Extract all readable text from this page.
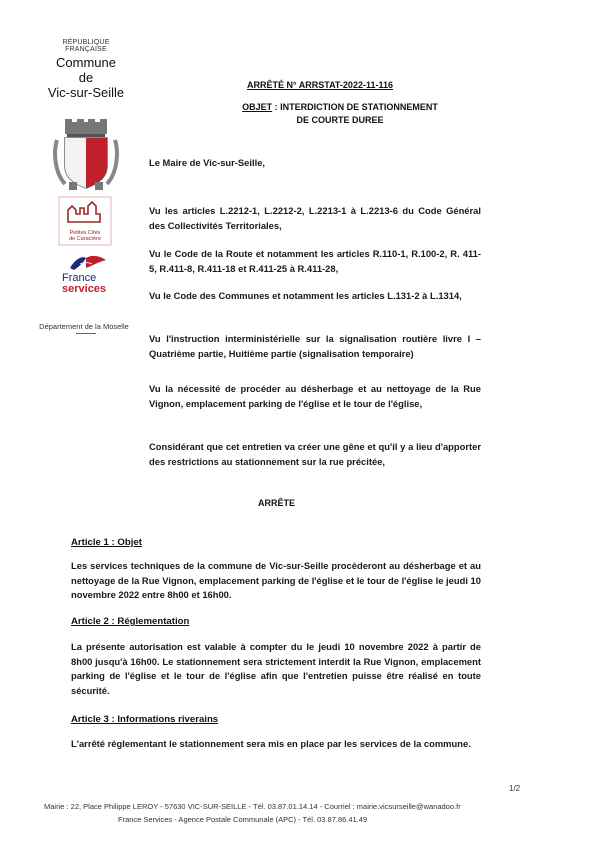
RÉPUBLIQUE FRANÇAISE
Commune
de
Vic-sur-Seille
Petites Cités
de Caractère
France
services
Département de la Moselle
ARRÊTÉ N° ARRSTAT-2022-11-116
OBJET : INTERDICTION DE STATIONNEMENT
DE COURTE DUREE
Le Maire de Vic-sur-Seille,
Vu les articles L.2212-1, L.2212-2, L.2213-1 à L.2213-6 du Code Général des Collectivités Territoriales,
Vu le Code de la Route et notamment les articles R.110-1, R.100-2, R. 411-5, R.411-8, R.411-18 et R.411-25 à R.411-28,
Vu le Code des Communes et notamment les articles L.131-2 à L.1314,
Vu l'instruction interministérielle sur la signalisation routière livre I – Quatrième partie, Huitième partie (signalisation temporaire)
Vu la nécessité de procéder au désherbage et au nettoyage de la Rue Vignon, emplacement parking de l'église et le tour de l'église,
Considérant que cet entretien va créer une gêne et qu'il y a lieu d'apporter des restrictions au stationnement sur la rue précitée,
ARRÊTE
Article 1 : Objet
Les services techniques de la commune de Vic-sur-Seille procèderont au désherbage et au nettoyage de la Rue Vignon, emplacement parking de l'église et le tour de l'église le jeudi 10 novembre 2022 entre 8h00 et 16h00.
Article 2 : Réglementation
La présente autorisation est valable à compter du le jeudi 10 novembre 2022 à partir de 8h00 jusqu'à 16h00. Le stationnement sera strictement interdit la Rue Vignon, emplacement parking de l'église et le tour de l'église afin que l'entretien puisse être réalisé en toute sécurité.
Article 3 : Informations riverains
L'arrêté réglementant le stationnement sera mis en place par les services de la commune.
1/2
Mairie : 22, Place Philippe LEROY - 57630 VIC-SUR-SEILLE - Tél. 03.87.01.14.14 - Courriel : mairie.vicsurseille@wanadoo.fr
France Services - Agence Postale Communale (APC) - Tél. 03.87.86.41.49
